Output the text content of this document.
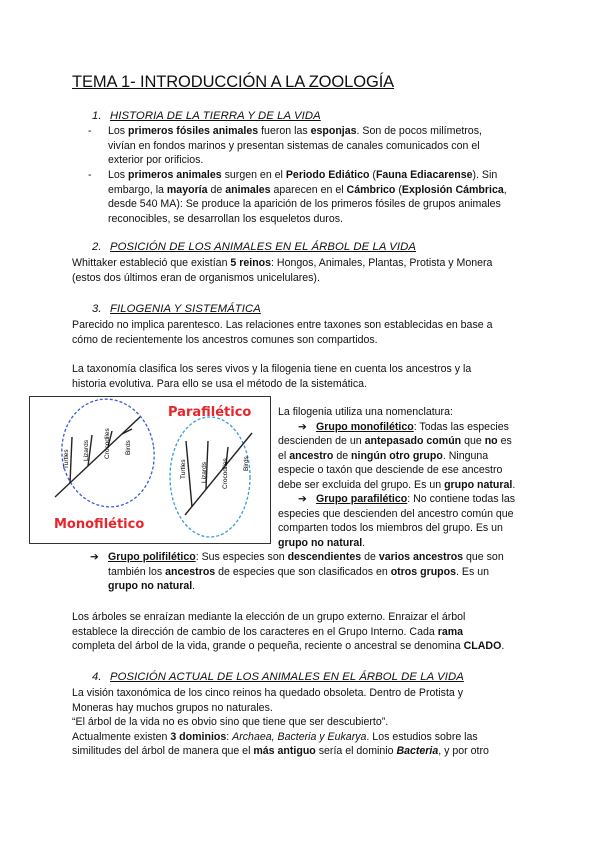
TEMA 1- INTRODUCCIÓN A LA ZOOLOGÍA
1. HISTORIA DE LA TIERRA Y DE LA VIDA
- Los primeros fósiles animales fueron las esponjas. Son de pocos milímetros,
vivían en fondos marinos y presentan sistemas de canales comunicados con el
exterior por orificios.
- Los primeros animales surgen en el Periodo Ediático (Fauna Ediacarense). Sin
embargo, la mayoría de animales aparecen en el Cámbrico (Explosión Cámbrica,
desde 540 MA): Se produce la aparición de los primeros fósiles de grupos animales
reconocibles, se desarrollan los esqueletos duros.
2. POSICIÓN DE LOS ANIMALES EN EL ÁRBOL DE LA VIDA
Whittaker estableció que existían 5 reinos: Hongos, Animales, Plantas, Protista y Monera
(estos dos últimos eran de organismos unicelulares).
3. FILOGENIA Y SISTEMÁTICA
Parecido no implica parentesco. Las relaciones entre taxones son establecidas en base a
cómo de recientemente los ancestros comunes son compartidos.
La taxonomía clasifica los seres vivos y la filogenia tiene en cuenta los ancestros y la
historia evolutiva. Para ello se usa el método de la sistemática.
Turtles Lizards Crocodiles Birds
Turtles Lizards Crocodiles Birds
Parafilético
Monofilético
La filogenia utiliza una nomenclatura:
➔ Grupo monofilético: Todas las especies
descienden de un antepasado común que no es
el ancestro de ningún otro grupo. Ninguna
especie o taxón que desciende de ese ancestro
debe ser excluida del grupo. Es un grupo natural.
➔ Grupo parafilético: No contiene todas las
especies que descienden del ancestro común que
comparten todos los miembros del grupo. Es un
grupo no natural.
➔ Grupo polifilético: Sus especies son descendientes de varios ancestros que son
también los ancestros de especies que son clasificados en otros grupos. Es un
grupo no natural.
Los árboles se enraízan mediante la elección de un grupo externo. Enraizar el árbol
establece la dirección de cambio de los caracteres en el Grupo Interno. Cada rama
completa del árbol de la vida, grande o pequeña, reciente o ancestral se denomina CLADO.
4. POSICIÓN ACTUAL DE LOS ANIMALES EN EL ÁRBOL DE LA VIDA
La visión taxonómica de los cinco reinos ha quedado obsoleta. Dentro de Protista y
Moneras hay muchos grupos no naturales.
“El árbol de la vida no es obvio sino que tiene que ser descubierto”.
Actualmente existen 3 dominios: Archaea, Bacteria y Eukarya. Los estudios sobre las
similitudes del árbol de manera que el más antiguo sería el dominio Bacteria, y por otro
